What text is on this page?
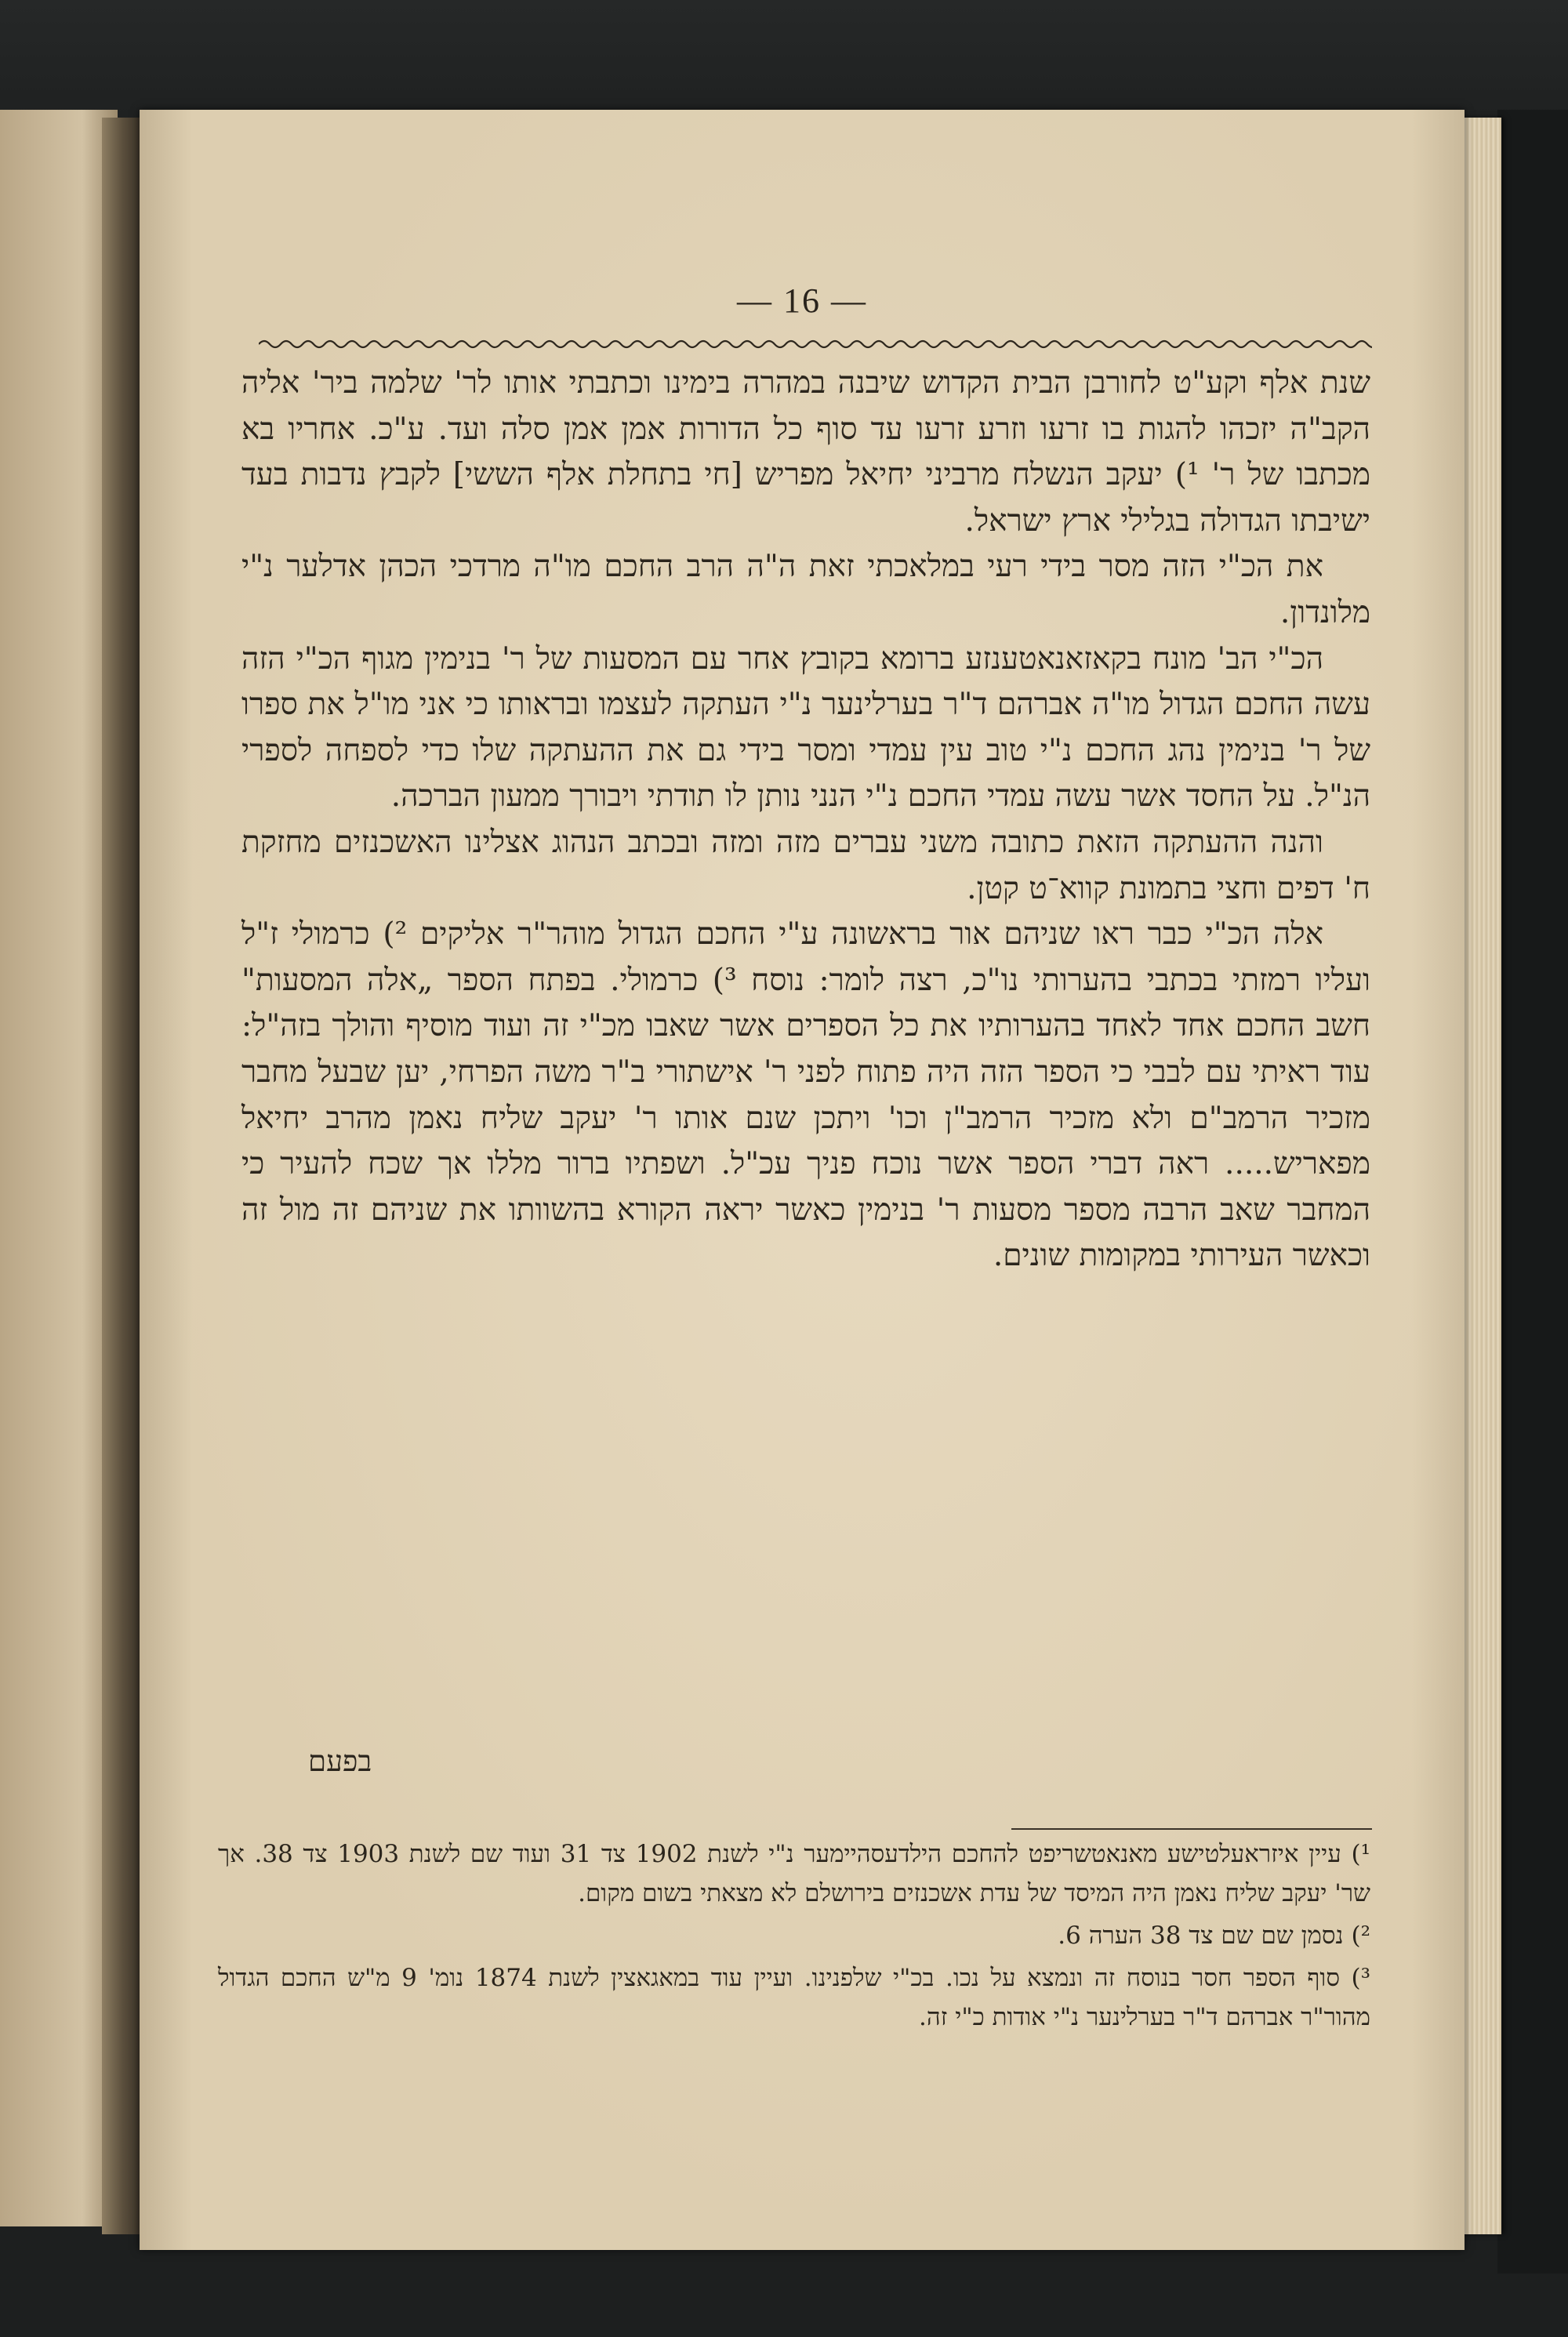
— 16 —

שנת אלף וקע"ט לחורבן הבית הקדוש שיבנה במהרה בימינו וכתבתי אותו לר' שלמה ביר' אליה הקב"ה יזכהו להגות בו זרעו וזרע זרעו עד סוף כל הדורות אמן אמן סלה ועד. ע"כ. אחריו בא מכתבו של ר' ¹) יעקב הנשלח מרביני יחיאל מפריש [חי בתחלת אלף הששי] לקבץ נדבות בעד ישיבתו הגדולה בגלילי ארץ ישראל.

את הכ"י הזה מסר בידי רעי במלאכתי זאת ה"ה הרב החכם מו"ה מרדכי הכהן אדלער נ"י מלונדון.

הכ"י הב' מונח בקאזאנאטענזע ברומא בקובץ אחר עם המסעות של ר' בנימין מגוף הכ"י הזה עשה החכם הגדול מו"ה אברהם ד"ר בערלינער נ"י העתקה לעצמו ובראותו כי אני מו"ל את ספרו של ר' בנימין נהג החכם נ"י טוב עין עמדי ומסר בידי גם את ההעתקה שלו כדי לספחה לספרי הנ"ל. על החסד אשר עשה עמדי החכם נ"י הנני נותן לו תודתי ויבורך ממעון הברכה.

והנה ההעתקה הזאת כתובה משני עברים מזה ומזה ובכתב הנהוג אצלינו האשכנזים מחזקת ח' דפים וחצי בתמונת קווא־ט קטן.

אלה הכ"י כבר ראו שניהם אור בראשונה ע"י החכם הגדול מוהר"ר אליקים ²) כרמולי ז"ל ועליו רמזתי בכתבי בהערותי נו"כ, רצה לומר: נוסח ³) כרמולי. בפתח הספר „אלה המסעות" חשב החכם אחד לאחד בהערותיו את כל הספרים אשר שאבו מכ"י זה ועוד מוסיף והולך בזה"ל: עוד ראיתי עם לבבי כי הספר הזה היה פתוח לפני ר' אישתורי ב"ר משה הפרחי, יען שבעל מחבר מזכיר הרמב"ם ולא מזכיר הרמב"ן וכו' ויתכן שנם אותו ר' יעקב שליח נאמן מהרב יחיאל מפאריש..... ראה דברי הספר אשר נוכח פניך עכ"ל. ושפתיו ברור מללו אך שכח להעיר כי המחבר שאב הרבה מספר מסעות ר' בנימין כאשר יראה הקורא בהשוותו את שניהם זה מול זה וכאשר העירותי במקומות שונים.

בפעם

¹) עיין איזראעלטישע מאנאטשריפט להחכם הילדעסהיימער נ"י לשנת 1902 צד 31 ועוד שם לשנת 1903 צד 38. אך שר' יעקב שליח נאמן היה המיסד של עדת אשכנזים בירושלם לא מצאתי בשום מקום.

²) נסמן שם שם צד 38 הערה 6.

³) סוף הספר חסר בנוסח זה ונמצא על נכו. בכ"י שלפנינו. ועיין עוד במאגאצין לשנת 1874 נומ' 9 מ"ש החכם הגדול מהור"ר אברהם ד"ר בערלינער נ"י אודות כ"י זה.
